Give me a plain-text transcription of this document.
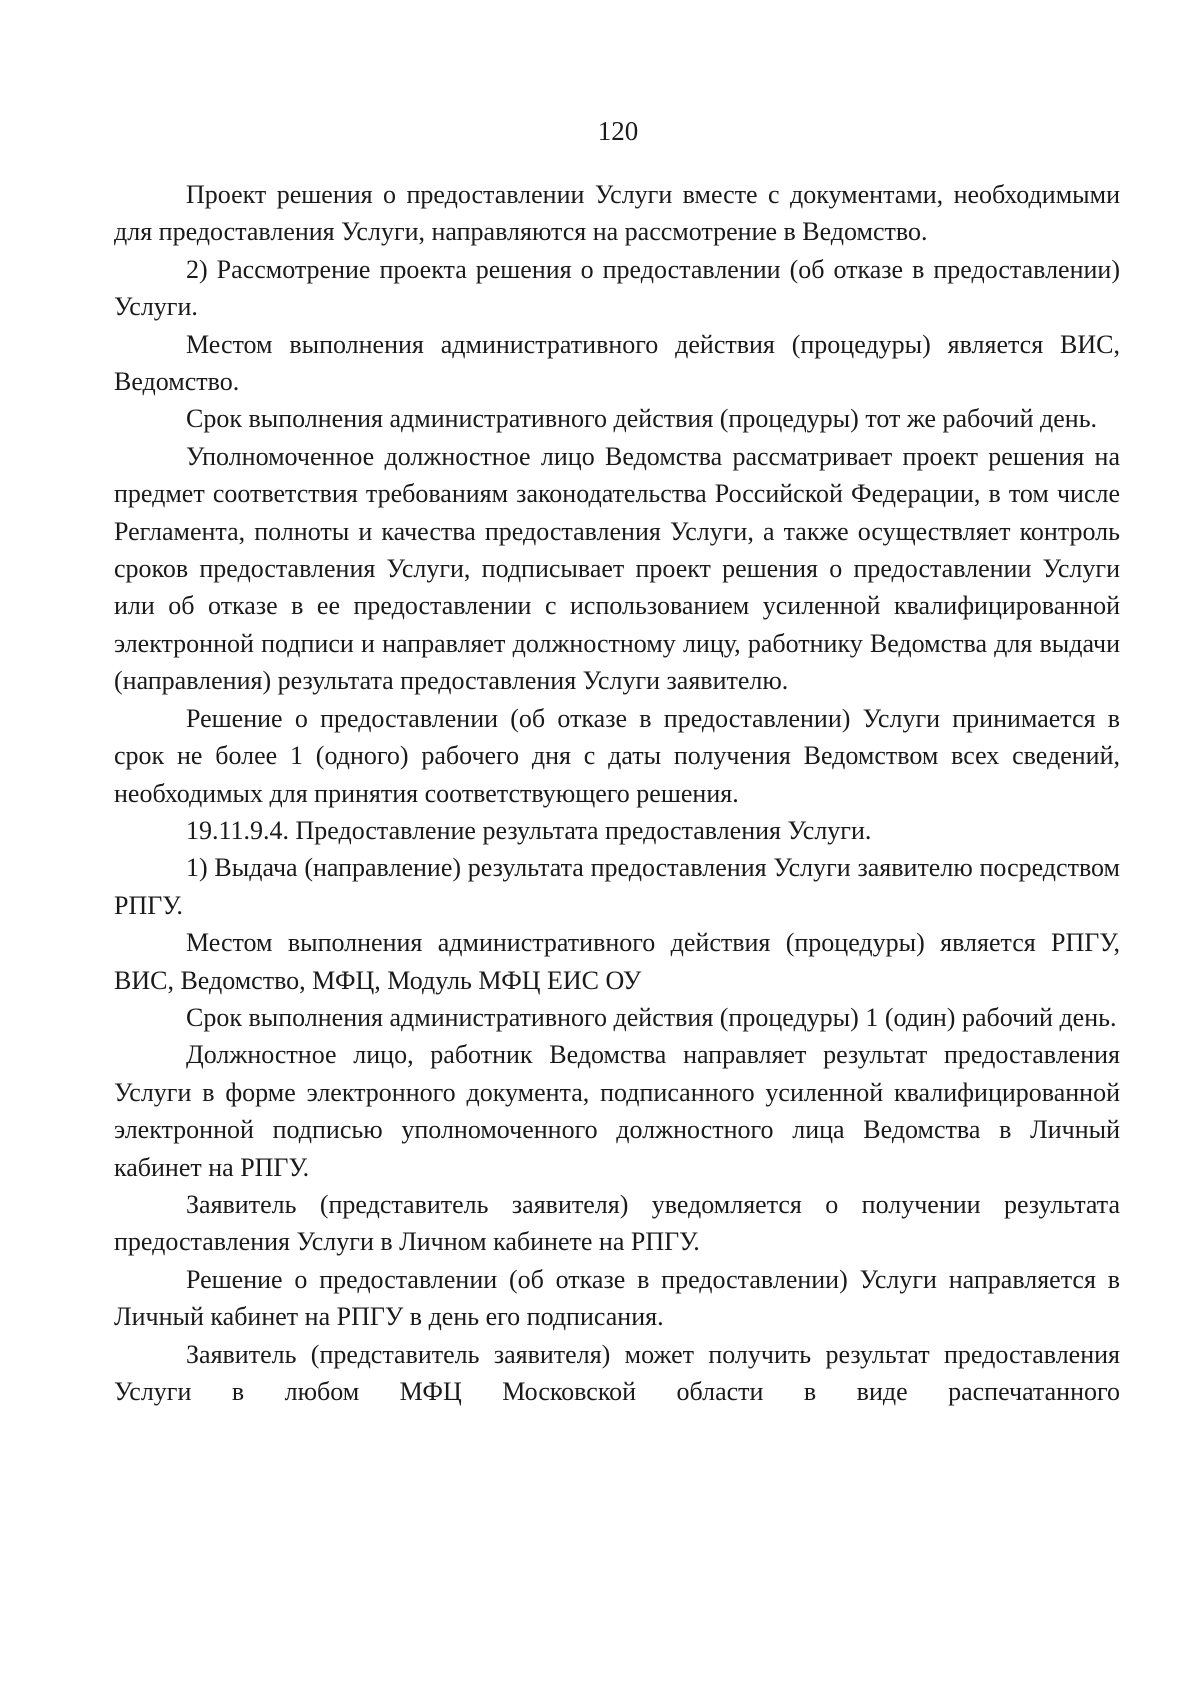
120

Проект решения о предоставлении Услуги вместе с документами, необходимыми для предоставления Услуги, направляются на рассмотрение в Ведомство.

2) Рассмотрение проекта решения о предоставлении (об отказе в предоставлении) Услуги.

Местом выполнения административного действия (процедуры) является ВИС, Ведомство.

Срок выполнения административного действия (процедуры) тот же рабочий день.

Уполномоченное должностное лицо Ведомства рассматривает проект решения на предмет соответствия требованиям законодательства Российской Федерации, в том числе Регламента, полноты и качества предоставления Услуги, а также осуществляет контроль сроков предоставления Услуги, подписывает проект решения о предоставлении Услуги или об отказе в ее предоставлении с использованием усиленной квалифицированной электронной подписи и направляет должностному лицу, работнику Ведомства для выдачи (направления) результата предоставления Услуги заявителю.

Решение о предоставлении (об отказе в предоставлении) Услуги принимается в срок не более 1 (одного) рабочего дня с даты получения Ведомством всех сведений, необходимых для принятия соответствующего решения.

19.11.9.4. Предоставление результата предоставления Услуги.

1) Выдача (направление) результата предоставления Услуги заявителю посредством РПГУ.

Местом выполнения административного действия (процедуры) является РПГУ, ВИС, Ведомство, МФЦ, Модуль МФЦ ЕИС ОУ

Срок выполнения административного действия (процедуры) 1 (один) рабочий день.

Должностное лицо, работник Ведомства направляет результат предоставления Услуги в форме электронного документа, подписанного усиленной квалифицированной электронной подписью уполномоченного должностного лица Ведомства в Личный кабинет на РПГУ.

Заявитель (представитель заявителя) уведомляется о получении результата предоставления Услуги в Личном кабинете на РПГУ.

Решение о предоставлении (об отказе в предоставлении) Услуги направляется в Личный кабинет на РПГУ в день его подписания.

Заявитель (представитель заявителя) может получить результат предоставления Услуги в любом МФЦ Московской области в виде распечатанного
